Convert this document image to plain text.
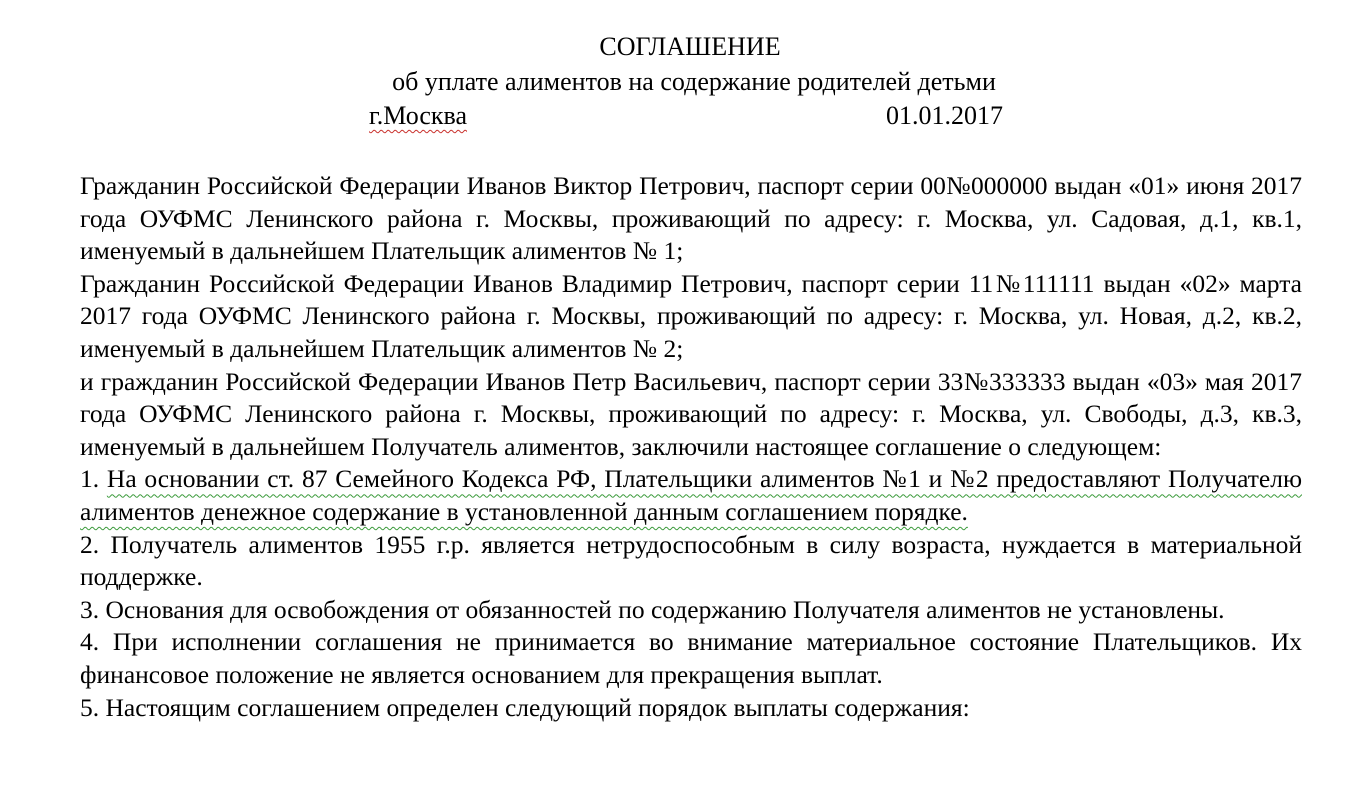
СОГЛАШЕНИЕ
об уплате алиментов на содержание родителей детьми
г.Москва	01.01.2017

Гражданин Российской Федерации Иванов Виктор Петрович, паспорт серии 00№000000 выдан «01» июня 2017 года ОУФМС Ленинского района г. Москвы, проживающий по адресу: г. Москва, ул. Садовая, д.1, кв.1, именуемый в дальнейшем Плательщик алиментов № 1;

Гражданин Российской Федерации Иванов Владимир Петрович, паспорт серии 11№111111 выдан «02» марта 2017 года ОУФМС Ленинского района г. Москвы, проживающий по адресу: г. Москва, ул. Новая, д.2, кв.2, именуемый в дальнейшем Плательщик алиментов № 2;

и гражданин Российской Федерации Иванов Петр Васильевич, паспорт серии 33№333333 выдан «03» мая 2017 года ОУФМС Ленинского района г. Москвы, проживающий по адресу: г. Москва, ул. Свободы, д.3, кв.3, именуемый в дальнейшем Получатель алиментов, заключили настоящее соглашение о следующем:

1. На основании ст. 87 Семейного Кодекса РФ, Плательщики алиментов №1 и №2 предоставляют Получателю алиментов денежное содержание в установленной данным соглашением порядке.

2. Получатель алиментов 1955 г.р. является нетрудоспособным в силу возраста, нуждается в материальной поддержке.

3. Основания для освобождения от обязанностей по содержанию Получателя алиментов не установлены.

4. При исполнении соглашения не принимается во внимание материальное состояние Плательщиков. Их финансовое положение не является основанием для прекращения выплат.

5. Настоящим соглашением определен следующий порядок выплаты содержания:
